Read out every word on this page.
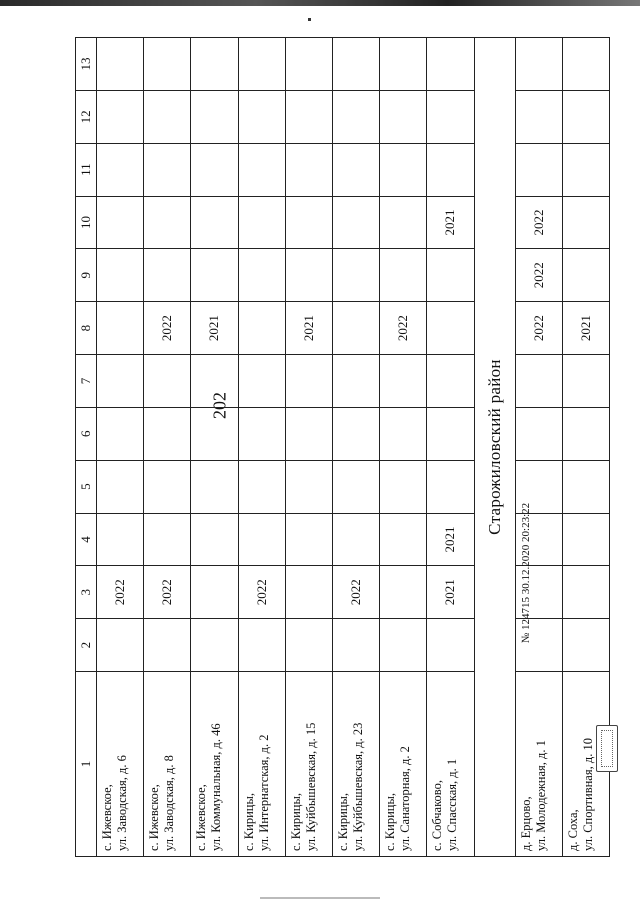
202
1	2	3	4	5	6	7	8	9	10	11	12	13

с. Ижевское, ул. Заводская, д. 6		2022										

с. Ижевское, ул. Заводская, д. 8		2022					2022					

с. Ижевское, ул. Коммунальная, д. 46							2021					

с. Кирицы, ул. Интернатская, д. 2		2022										

с. Кирицы, ул. Куйбышевская, д. 15							2021					

с. Кирицы, ул. Куйбышевская, д. 23		2022										

с. Кирицы, ул. Санаторная, д. 2							2022					

с. Собчаково, ул. Спасская, д. 1		2021	2021						2021			
Старожиловский район												

д. Ерцово, ул. Молодежная, д. 1							2022	2022	2022			

д. Соха, ул. Спортивная, д. 10							2021					
№ 124715 30.12.2020 20:23:22
